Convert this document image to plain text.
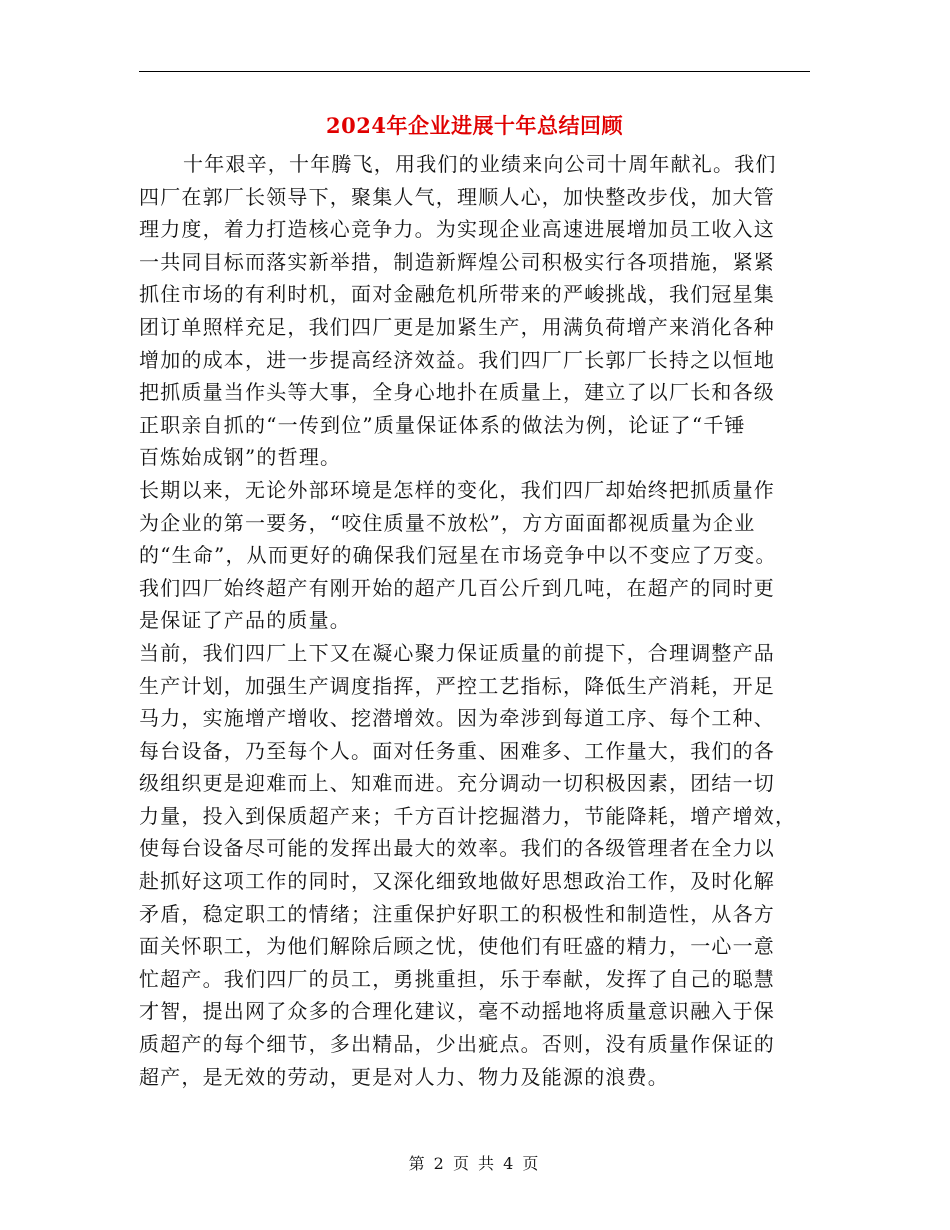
2024年企业进展十年总结回顾
十年艰辛，十年腾飞，用我们的业绩来向公司十周年献礼。我们
四厂在郭厂长领导下，聚集人气，理顺人心，加快整改步伐，加大管
理力度，着力打造核心竞争力。为实现企业高速进展增加员工收入这
一共同目标而落实新举措，制造新辉煌公司积极实行各项措施，紧紧
抓住市场的有利时机，面对金融危机所带来的严峻挑战，我们冠星集
团订单照样充足，我们四厂更是加紧生产，用满负荷增产来消化各种
增加的成本，进一步提高经济效益。我们四厂厂长郭厂长持之以恒地
把抓质量当作头等大事，全身心地扑在质量上，建立了以厂长和各级
正职亲自抓的“一传到位”质量保证体系的做法为例，论证了“千锤
百炼始成钢”的哲理。
长期以来，无论外部环境是怎样的变化，我们四厂却始终把抓质量作
为企业的第一要务，“咬住质量不放松”，方方面面都视质量为企业
的“生命”，从而更好的确保我们冠星在市场竞争中以不变应了万变。
我们四厂始终超产有刚开始的超产几百公斤到几吨，在超产的同时更
是保证了产品的质量。
当前，我们四厂上下又在凝心聚力保证质量的前提下，合理调整产品
生产计划，加强生产调度指挥，严控工艺指标，降低生产消耗，开足
马力，实施增产增收、挖潜增效。因为牵涉到每道工序、每个工种、
每台设备，乃至每个人。面对任务重、困难多、工作量大，我们的各
级组织更是迎难而上、知难而进。充分调动一切积极因素，团结一切
力量，投入到保质超产来；千方百计挖掘潜力，节能降耗，增产增效，
使每台设备尽可能的发挥出最大的效率。我们的各级管理者在全力以
赴抓好这项工作的同时，又深化细致地做好思想政治工作，及时化解
矛盾，稳定职工的情绪；注重保护好职工的积极性和制造性，从各方
面关怀职工，为他们解除后顾之忧，使他们有旺盛的精力，一心一意
忙超产。我们四厂的员工，勇挑重担，乐于奉献，发挥了自己的聪慧
才智，提出网了众多的合理化建议，毫不动摇地将质量意识融入于保
质超产的每个细节，多出精品，少出疵点。否则，没有质量作保证的
超产，是无效的劳动，更是对人力、物力及能源的浪费。
第 2 页 共 4 页
